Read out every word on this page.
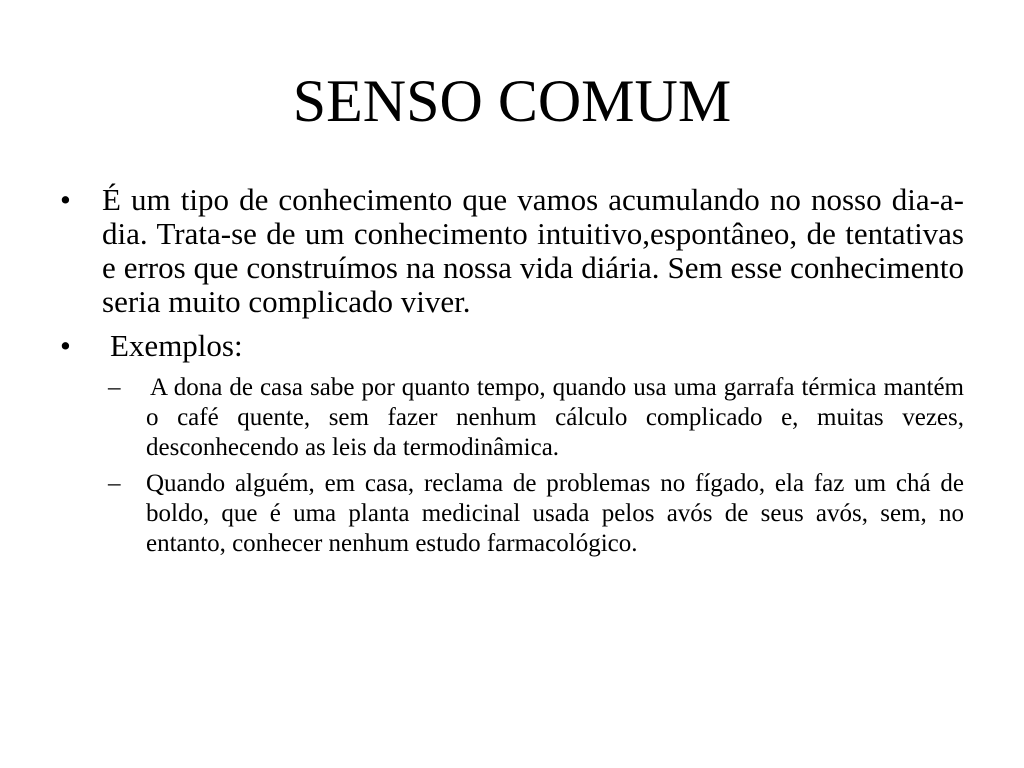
SENSO COMUM

•	É um tipo de conhecimento que vamos acumulando no nosso dia-a-dia. Trata-se de um conhecimento intuitivo,espontâneo, de tentativas e erros que construímos na nossa vida diária. Sem esse conhecimento seria muito complicado viver.

•	Exemplos:

– A dona de casa sabe por quanto tempo, quando usa uma garrafa térmica mantém o café quente, sem fazer nenhum cálculo complicado e, muitas vezes, desconhecendo as leis da termodinâmica.

– Quando alguém, em casa, reclama de problemas no fígado, ela faz um chá de boldo, que é uma planta medicinal usada pelos avós de seus avós, sem, no entanto, conhecer nenhum estudo farmacológico.
